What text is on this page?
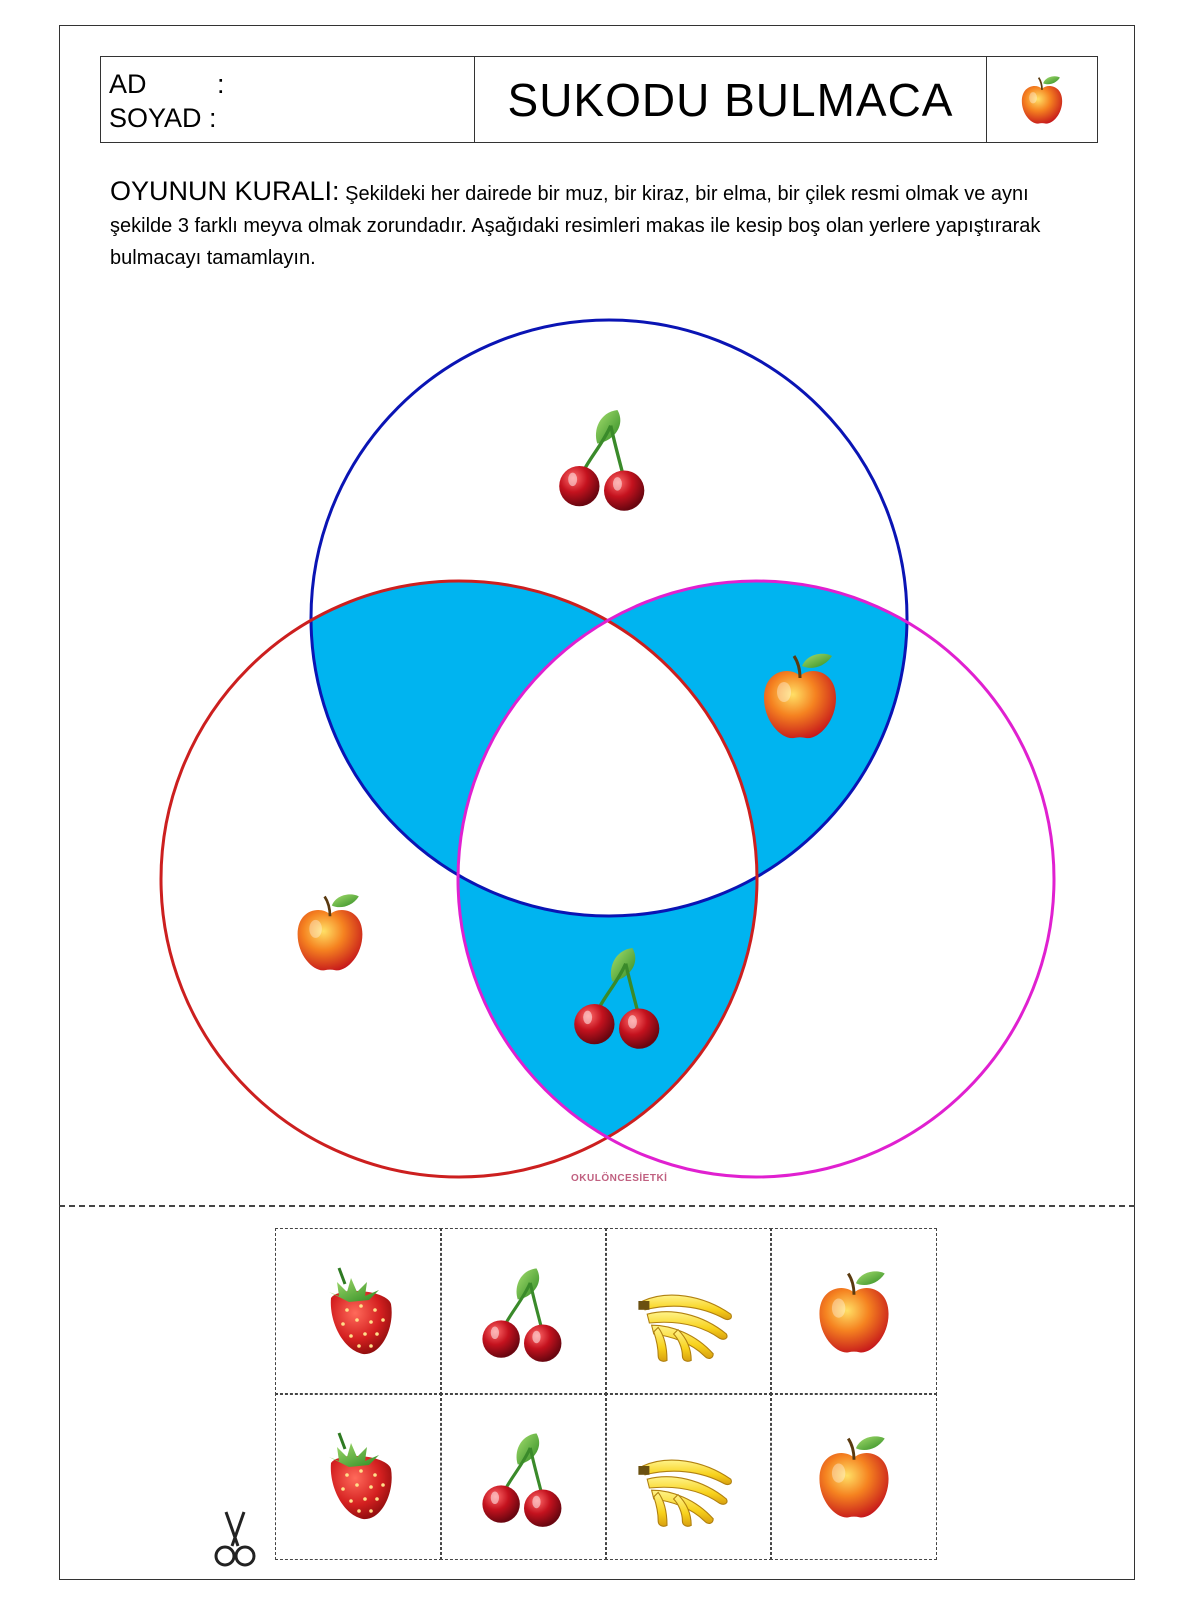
AD	:
SOYAD :	SUKODU BULMACA
OYUNUN KURALI: Şekildeki her dairede bir muz, bir kiraz, bir elma, bir çilek resmi olmak ve aynı şekilde 3 farklı meyva olmak zorundadır. Aşağıdaki resimleri makas ile kesip boş olan yerlere yapıştırarak bulmacayı tamamlayın.
OKULÖNCESİETKİ
